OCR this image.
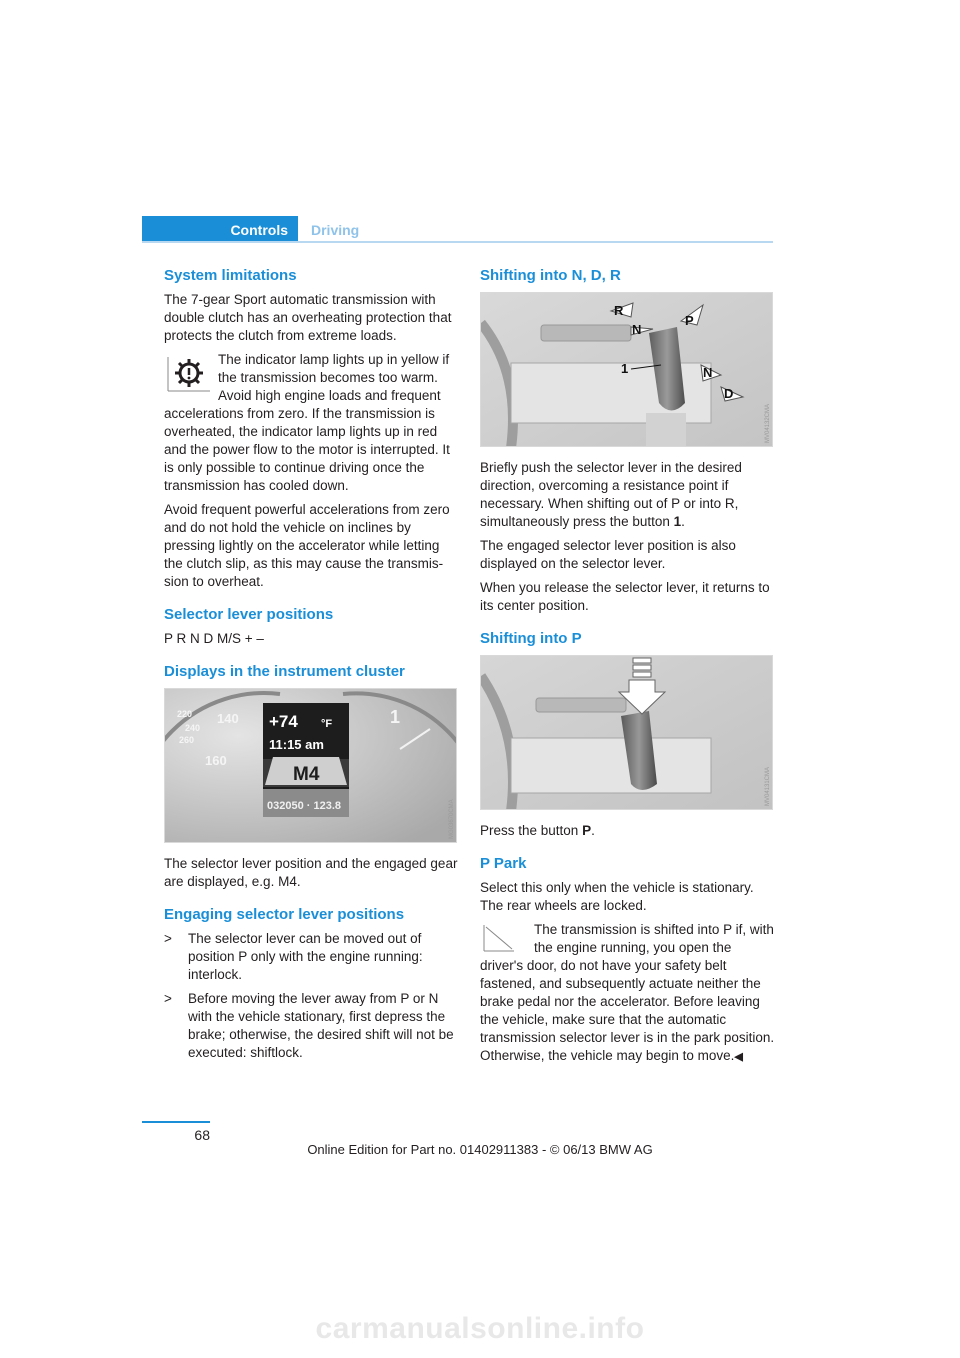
Controls Driving
System limitations

The 7-gear Sport automatic transmission with double clutch has an overheating protection that protects the clutch from extreme loads.

The indicator lamp lights up in yellow if the transmission becomes too warm. Avoid high engine loads and frequent accelerations from zero. If the transmission is overheated, the indicator lamp lights up in red and the power flow to the motor is interrupted. It is only possible to continue driving once the transmission has cooled down.

Avoid frequent powerful accelerations from zero and do not hold the vehicle on inclines by pressing lightly on the accelerator while letting the clutch slip, as this may cause the transmis-sion to overheat.

Selector lever positions

P R N D M/S + –

Displays in the instrument cluster
220
240
260
140
160
1
+74 °F
11:15 am
M4
032050 · 123.8	MG03670CMA

The selector lever position and the engaged gear are displayed, e.g. M4.

Engaging selector lever positions
> The selector lever can be moved out of position P only with the engine running: interlock.
> Before moving the lever away from P or N with the vehicle stationary, first depress the brake; otherwise, the desired shift will not be executed: shiftlock.
Shifting into N, D, R
R
N
P
N
D
1
MV04132CMA

Briefly push the selector lever in the desired direction, overcoming a resistance point if necessary. When shifting out of P or into R, simultaneously press the button 1.

The engaged selector lever position is also displayed on the selector lever.

When you release the selector lever, it returns to its center position.

Shifting into P
MV04131CMA

Press the button P.

P Park

Select this only when the vehicle is stationary. The rear wheels are locked.

The transmission is shifted into P if, with the engine running, you open the driver's door, do not have your safety belt fastened, and subsequently actuate neither the brake pedal nor the accelerator. Before leaving the vehicle, make sure that the automatic transmission selector lever is in the park position. Otherwise, the vehicle may begin to move.◀
68
Online Edition for Part no. 01402911383 - © 06/13 BMW AG
carmanualsonline.info
